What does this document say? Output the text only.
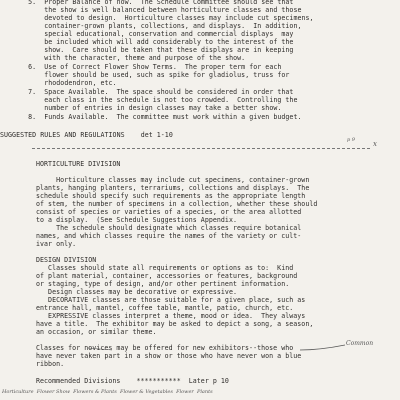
5.  Proper Balance of now.  The Schedule Committee should see that
the show is well balanced between horticulture classes and those
devoted to design.  Horticulture classes may include cut specimens,
container-grown plants, collections, and displays.  In addition,
special educational, conservation and commercial displays  may
be included which will add considerably to the interest of the
show.  Care should be taken that these displays are in keeping
with the character, theme and purpose of the show.
6.  Use of Correct Flower Show Terms.  The proper term for each
flower should be used, such as spike for gladiolus, truss for
rhododendron, etc.
7.  Space Available.  The space should be considered in order that
each class in the schedule is not too crowded.  Controlling the
number of entries in design classes may take a better show.
8.  Funds Available.  The committee must work within a given budget.
SUGGESTED RULES AND REGULATIONS    det 1-10
p 9	x
HORTICULTURE DIVISION
Horticulture classes may include cut specimens, container-grown
plants, hanging planters, terrariums, collections and displays.  The
schedule should specify such requirements as the appropriate length
of stem, the number of specimens in a collection, whether these should
consist of species or varieties of a species, or the area allotted
to a display.  (See Schedule Suggestions Appendix.
The schedule should designate which classes require botanical
names, and which classes require the names of the variety or cult-
ivar only.
DESIGN DIVISION
Classes should state all requirements or options as to:  Kind
of plant material, container, accessories or features, background
or staging, type of design, and/or other pertinent information.
Design classes may be decorative or expressive.
DECORATIVE classes are those suitable for a given place, such as
entrance hall, mantel, coffee table, mantle, patio, church, etc.
EXPRESSIVE classes interpret a theme, mood or idea.  They always
have a title.  The exhibitor may be asked to depict a song, a season,
an occasion, or similar theme.
Classes for novices may be offered for new exhibitors--those who
have never taken part in a show or those who have never won a blue
ribbon.
Common
Recommended Divisions    ***********  Later p 10
Horticulture  Flower Show  Flowers & Plants  Flower & Vegetables  Flower  Plants
